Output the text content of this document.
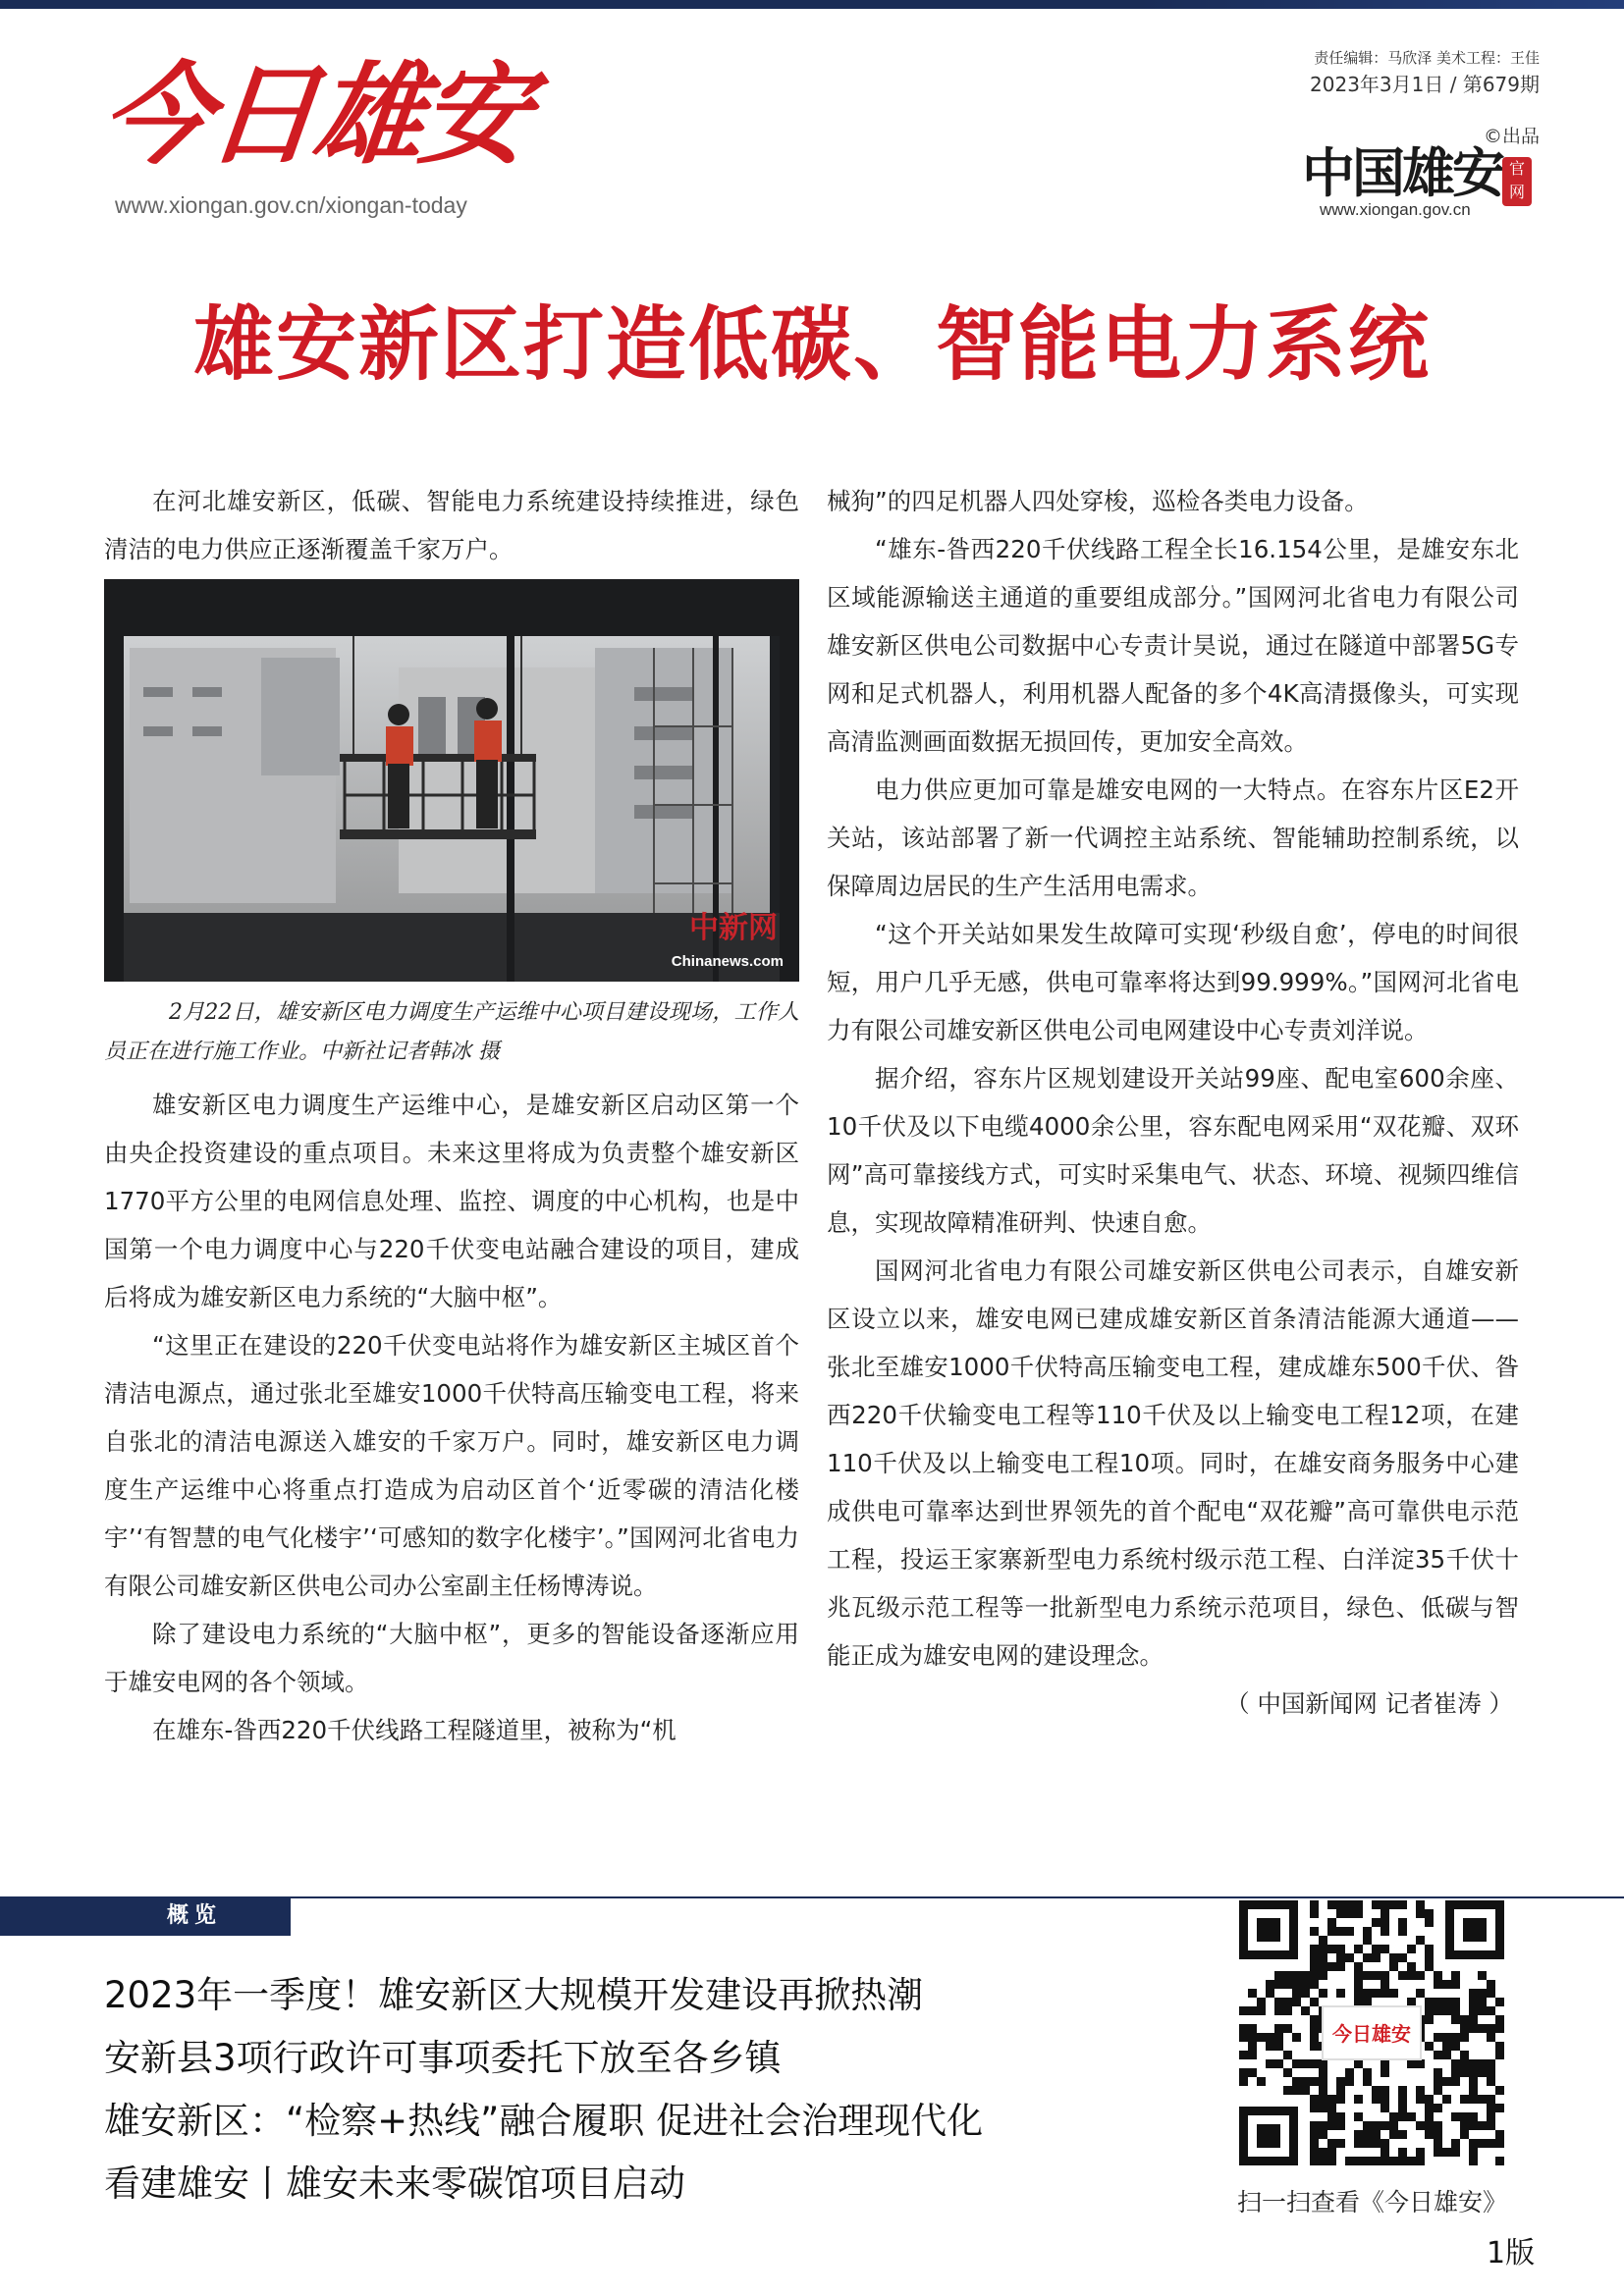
今日雄安
www.xiongan.gov.cn/xiongan-today
责任编辑：马欣泽 美术工程：王佳
2023年3月1日 / 第679期
©出品
中国雄安 官网
www.xiongan.gov.cn
雄安新区打造低碳、智能电力系统

在河北雄安新区，低碳、智能电力系统建设持续推进，绿色清洁的电力供应正逐渐覆盖千家万户。

中新网
Chinanews.com
2月22日，雄安新区电力调度生产运维中心项目建设现场，工作人员正在进行施工作业。中新社记者韩冰 摄

雄安新区电力调度生产运维中心，是雄安新区启动区第一个由央企投资建设的重点项目。未来这里将成为负责整个雄安新区1770平方公里的电网信息处理、监控、调度的中心机构，也是中国第一个电力调度中心与220千伏变电站融合建设的项目，建成后将成为雄安新区电力系统的“大脑中枢”。

“这里正在建设的220千伏变电站将作为雄安新区主城区首个清洁电源点，通过张北至雄安1000千伏特高压输变电工程，将来自张北的清洁电源送入雄安的千家万户。同时，雄安新区电力调度生产运维中心将重点打造成为启动区首个‘近零碳的清洁化楼宇’‘有智慧的电气化楼宇’‘可感知的数字化楼宇’。”国网河北省电力有限公司雄安新区供电公司办公室副主任杨博涛说。

除了建设电力系统的“大脑中枢”，更多的智能设备逐渐应用于雄安电网的各个领域。

在雄东-昝西220千伏线路工程隧道里，被称为“机

械狗”的四足机器人四处穿梭，巡检各类电力设备。

“雄东-昝西220千伏线路工程全长16.154公里，是雄安东北区域能源输送主通道的重要组成部分。”国网河北省电力有限公司雄安新区供电公司数据中心专责计昊说，通过在隧道中部署5G专网和足式机器人，利用机器人配备的多个4K高清摄像头，可实现高清监测画面数据无损回传，更加安全高效。

电力供应更加可靠是雄安电网的一大特点。在容东片区E2开关站，该站部署了新一代调控主站系统、智能辅助控制系统，以保障周边居民的生产生活用电需求。

“这个开关站如果发生故障可实现‘秒级自愈’，停电的时间很短，用户几乎无感，供电可靠率将达到99.999%。”国网河北省电力有限公司雄安新区供电公司电网建设中心专责刘洋说。

据介绍，容东片区规划建设开关站99座、配电室600余座、10千伏及以下电缆4000余公里，容东配电网采用“双花瓣、双环网”高可靠接线方式，可实时采集电气、状态、环境、视频四维信息，实现故障精准研判、快速自愈。

国网河北省电力有限公司雄安新区供电公司表示，自雄安新区设立以来，雄安电网已建成雄安新区首条清洁能源大通道——张北至雄安1000千伏特高压输变电工程，建成雄东500千伏、昝西220千伏输变电工程等110千伏及以上输变电工程12项，在建110千伏及以上输变电工程10项。同时，在雄安商务服务中心建成供电可靠率达到世界领先的首个配电“双花瓣”高可靠供电示范工程，投运王家寨新型电力系统村级示范工程、白洋淀35千伏十兆瓦级示范工程等一批新型电力系统示范项目，绿色、低碳与智能正成为雄安电网的建设理念。

（ 中国新闻网 记者崔涛 ）

概览
2023年一季度！雄安新区大规模开发建设再掀热潮
安新县3项行政许可事项委托下放至各乡镇
雄安新区：“检察+热线”融合履职 促进社会治理现代化
看建雄安丨雄安未来零碳馆项目启动
今日雄安
扫一扫查看《今日雄安》
1版
